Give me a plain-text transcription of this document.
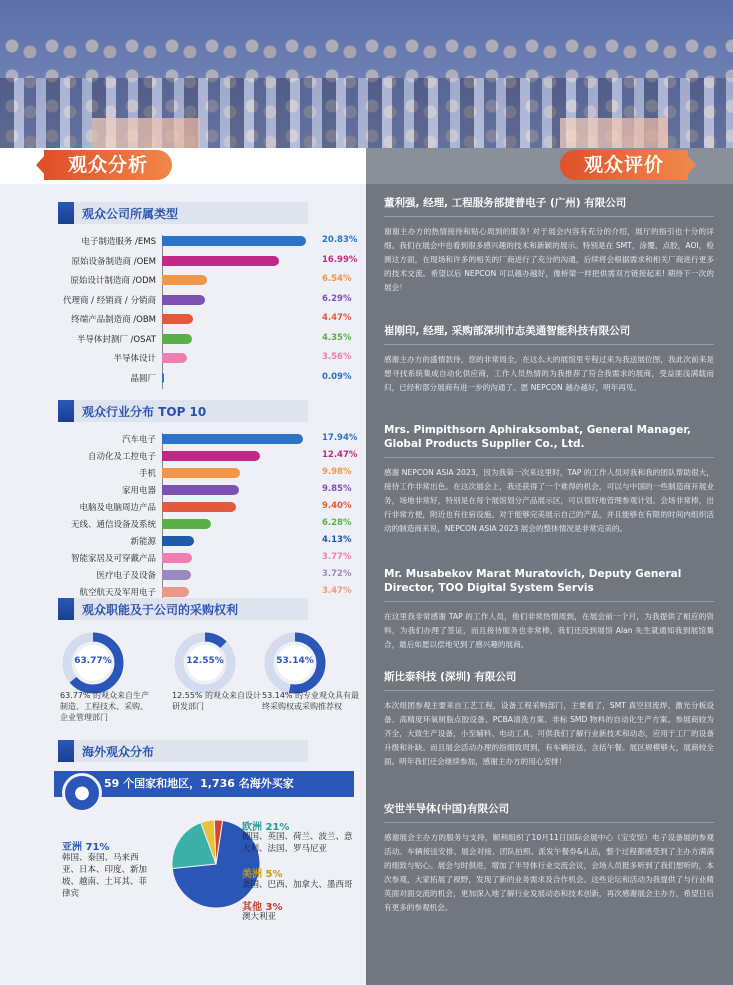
观众分析	观众评价
观众公司所属类型
电子制造服务 /EMS	20.83%
原始设备制造商 /OEM	16.99%
原始设计制造商 /ODM	6.54%
代理商 / 经销商 / 分销商	6.29%
终端产品制造商 /OBM	4.47%
半导体封测厂 /OSAT	4.35%
半导体设计	3.56%
晶圆厂	0.09%
观众行业分布 TOP 10
汽车电子	17.94%
自动化及工控电子	12.47%
手机	9.98%
家用电器	9.85%
电脑及电脑周边产品	9.40%
无线、通信设备及系统	6.28%
新能源	4.13%
智能家居及可穿戴产品	3.77%
医疗电子及设备	3.72%
航空航天及军用电子	3.47%
观众职能及于公司的采购权利
63.77%
63.77% 的观众来自生产制造、工程技术、采购、企业管理部门
12.55%
12.55% 的观众来自设计研发部门
53.14%
53.14% 的专业观众具有最终采购权或采购推荐权
海外观众分布
59 个国家和地区，1,736 名海外买家
●
亚洲 71%
韩国、泰国、马来西亚、日本、印度、新加坡、越南、土耳其、菲律宾
欧洲 21%
德国、英国、荷兰、波兰、意大利、法国、罗马尼亚
美洲 5%
美国、巴西、加拿大、墨西哥
其他 3%
澳大利亚
董利强, 经理, 工程服务部捷普电子 (广州) 有限公司

谢谢主办方的热情接待和贴心周到的服务! 对于展会内容有充分的介绍，展厅的指引也十分的详细。我们在展会中也看到很多感兴趣的技术和新颖的展示。特别是在 SMT，涂覆，点胶，AOI，检测这方面，在现场和许多的相关的厂商进行了充分的沟通，后续将会根据需求和相关厂商进行更多的技术交流。希望以后 NEPCON 可以越办越好，像桥梁一样把供需双方链接起来! 期待下一次的展会！

崔刚印, 经理, 采购部深圳市志美通智能科技有限公司

感谢主办方的盛情款待，您的非常周全，在这么大的展馆里专程过来为我送展位图，我此次前来是想寻找系统集成自动化供应商，工作人员热情的为我推荐了符合我需求的展商，受益匪浅满载而归，已经和部分展商有进一步的沟通了。愿 NEPCON 越办越好，明年再见。

Mrs. Pimpithsorn Aphiraksombat, General Manager, Global Products Supplier Co., Ltd.

感谢 NEPCON ASIA 2023，因为我第一次来这里时，TAP 的工作人员对我和我的团队帮助很大，接待工作非常出色。在这次展会上，我还获得了一个难得的机会，可以与中国的一些制造商开展业务，场地非常好，特别是在每个展馆划分产品展示区，可以很好地管理参观计划。会场非常棒，出行非常方便，附近也有住宿设施。对于能够完美展示自己的产品，并且能够在有限的时间内组织活动的制造商来说，NEPCON ASIA 2023 展会的整体情况是非常完美的。

Mr. Musabekov Marat Muratovich, Deputy General Director, TOO Digital System Servis

在这里我非常感谢 TAP 的工作人员，他们非常热情周到，在展会前一个月，为我提供了相应的资料，为我们办理了签证，而且接待服务也非常棒，我们还没到展馆 Alan 先生就通知我到展馆集合，最后如愿以偿地见到了感兴趣的展商。

斯比泰科技 (深圳) 有限公司

本次组团参观主要来自工艺工程，设备工程采购部门，主要看了，SMT 真空回流焊、激光分板设备、高精度环氧树脂点胶设备、PCBA清洗方案、非标 SMD 物料的自动化生产方案。参展商较为齐全，大致生产设备，小至辅料、电动工具，可供我们了解行业新技术和动态，应用于工厂的设备升级和补缺。而且展会活动办理的指细致周到，有车辆接送，含括午餐。展区规模够大，展商较全面。明年我们还会继续参加，感谢主办方的用心安排！

安世半导体(中国)有限公司

感谢展会主办方的服务与支持，顺利组织了10月11日国际会展中心（宝安馆）电子设备展的参观活动。车辆接送安排、展会对接、团队拍照、派发午餐券&礼品，整个过程都感受到了主办方满满的细致与贴心。展会与时俱进，增加了半导体行业交流会议，会场人员挺多听到了我们想听的，本次参观，大家拓展了视野，发现了新的业务需求及合作机会。这些论坛和活动为我提供了与行业精英面对面交流的机会，更加深入地了解行业发展动态和技术创新，再次感谢展会主办方，希望日后有更多的参观机会。
